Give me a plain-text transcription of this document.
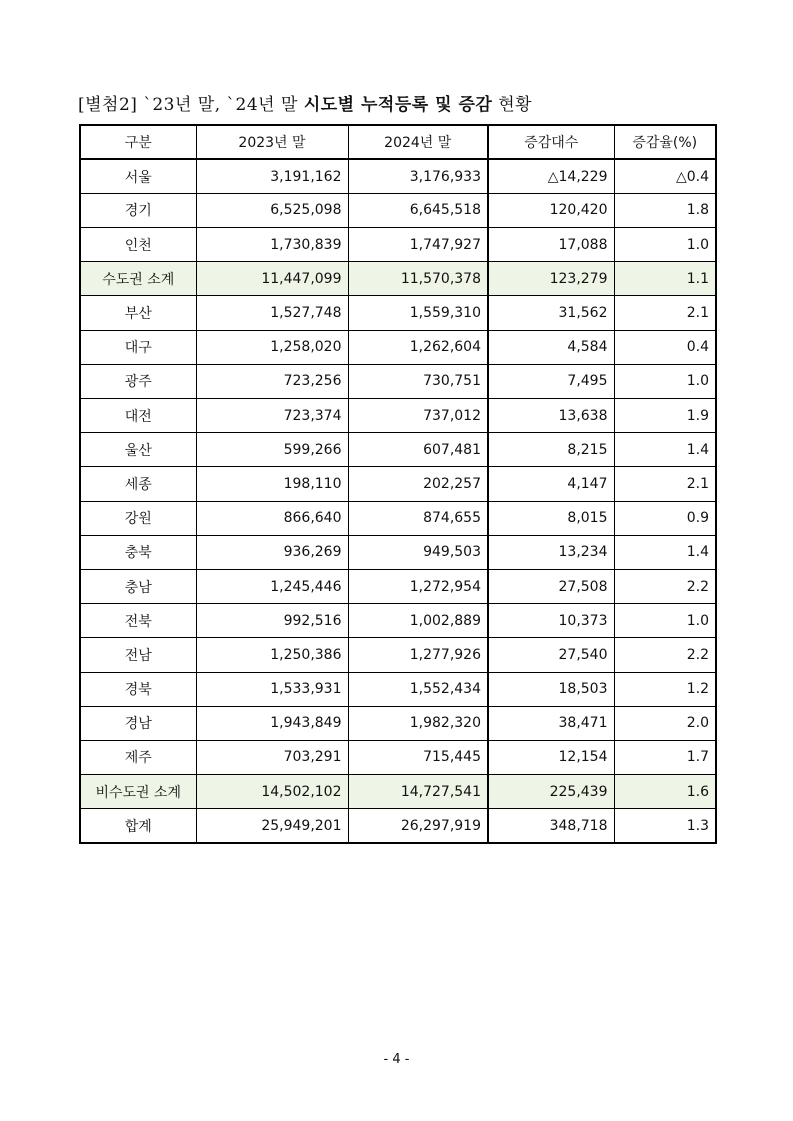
[별첨2] `23년 말, `24년 말 시도별 누적등록 및 증감 현황
구분	2023년 말	2024년 말	증감대수	증감율(%)
서울	3,191,162	3,176,933	△14,229	△0.4
경기	6,525,098	6,645,518	120,420	1.8
인천	1,730,839	1,747,927	17,088	1.0
수도권 소계	11,447,099	11,570,378	123,279	1.1
부산	1,527,748	1,559,310	31,562	2.1
대구	1,258,020	1,262,604	4,584	0.4
광주	723,256	730,751	7,495	1.0
대전	723,374	737,012	13,638	1.9
울산	599,266	607,481	8,215	1.4
세종	198,110	202,257	4,147	2.1
강원	866,640	874,655	8,015	0.9
충북	936,269	949,503	13,234	1.4
충남	1,245,446	1,272,954	27,508	2.2
전북	992,516	1,002,889	10,373	1.0
전남	1,250,386	1,277,926	27,540	2.2
경북	1,533,931	1,552,434	18,503	1.2
경남	1,943,849	1,982,320	38,471	2.0
제주	703,291	715,445	12,154	1.7
비수도권 소계	14,502,102	14,727,541	225,439	1.6
합계	25,949,201	26,297,919	348,718	1.3
- 4 -
